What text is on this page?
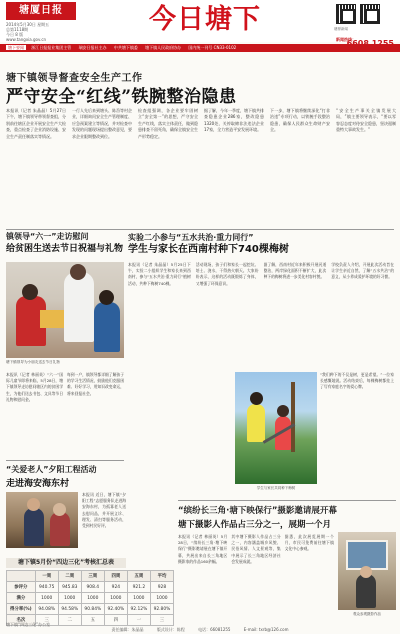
塘厦日报
2014年5月30日 星期五
总第1118期
今日 8 版
www.tangxia.gov.cn
今日塘下	塘厦新闻
新闻热线：
塘下要闻 浙江日报报业集团主管 瑞安日报社主办 中共塘下镇委 塘下镇人民政府协办 国内统一刊号 CN33-0102
塘下镇领导督查安全生产工作
严守安全“红线”铁腕整治隐患
本报讯（记者 朱晶晶）5月27日下午，塘下镇领导带领督查组，分别前往辖区企业开展安全生产大检查，重点检查了企业消防设施、安全生产责任制落实等情况。
一行人先后来到塘头、陈岙等村企业，详细询问安全生产管理制度、应急预案建立等情况，并对检查中发现的问题现场提出整改意见，要求企业限期整改到位。
检查组强调，各企业要牢固树立“安全第一”的思想，严守安全生产红线，落实主体责任，做到隐患排查不留死角，确保全镇安全生产形势稳定。
据了解，今年一季度，塘下镇共排查隐患企业286家，整改隐患1320处，关停取缔非法违法企业17家，全力营造平安发展环境。
下一步，塘下镇将继续深化“打非治违”专项行动，以铁腕手段整治隐患，确保人民群众生命财产安全。
“安全生产事关全镇发展大局，”镇主要领导表示，“要以零容忍态度对待安全隐患，坚决遏制重特大事故发生。”
镇领导“六一”走访慰问
给贫困生送去节日祝福与礼物
塘下镇领导为小朋友送去节日礼物
本报讯（记者 林丽英）“六一”国际儿童节即将来临，5月28日，塘下镇领导走访慰问辖区内的贫困学生，为他们送去书包、文具等节日礼物和慰问金。
每到一户，镇领导都详细了解孩子的学习生活情况，鼓励他们克服困难、好好学习，用知识改变命运，将来回报社会。
实验二小参与“五水共治·重力同行”
学生与家长在西南村种下740棵梅树
本报讯（记者 朱晶晶）5月25日下午，实验二小组织学生和家长来到西南村，参与“五水共治·重力同行”植树活动，共种下梅树740棵。
活动现场，孩子们和家长一起挖坑、培土、浇水，干得热火朝天。大家纷纷表示，这样的活动既锻炼了身体，又增强了环保意识。
据了解，西南村近年来积极开展河道整治，两岸绿化面积不断扩大，此次种下的梅树将进一步美化村容村貌。
学校负责人介绍，开展此次活动旨在让学生亲近自然，了解“五水共治”的意义，从小养成爱护环境的好习惯。
学生与家长共同种下梅树
“我们种下的不仅是树，更是希望。”一位家长感慨地说。活动结束后，每棵梅树都挂上了写有家庭名字的爱心牌。
“关爱老人”夕阳工程活动
走进海安海东村
本报讯 近日，塘下镇“夕阳工程”志愿服务队走进海安海东村，为孤寡老人送去慰问品，并开展义诊、理发、清扫等服务活动，受到村民好评。
塘下镇5月份“四边三化”考核汇总表
	一周	二周	三周	四周	五周	平均
参评分	940.75	945.83	908.4	924	921.2	928
满分	1000	1000	1000	1000	1000	1000
得分率(%)	94.08%	94.58%	90.84%	92.40%	92.12%	92.80%
名次	三	二	五	四	一	三
塘下镇“四边三化”办公室
“缤纷长三角·塘下映保行”摄影邀请展开幕
塘下摄影人作品占三分之一，展期一个月
本报讯（记者 林丽英）5月28日，“缤纷长三角·塘下映保行”摄影邀请展在塘下镇开幕，共展出来自长三角地区摄影家的作品160余幅。
其中塘下摄影人作品占三分之一，内容涵盖城乡风貌、民俗风情、人文景观等，集中展示了长三角地区经济社会发展成就。
据悉，此次展览展期一个月，市民可免费前往塘下镇文化中心参观。
观众参观摄影作品
责任编辑：朱晶晶	版式设计：陈程	电话：66081255	E-mail: txrb@126.com
